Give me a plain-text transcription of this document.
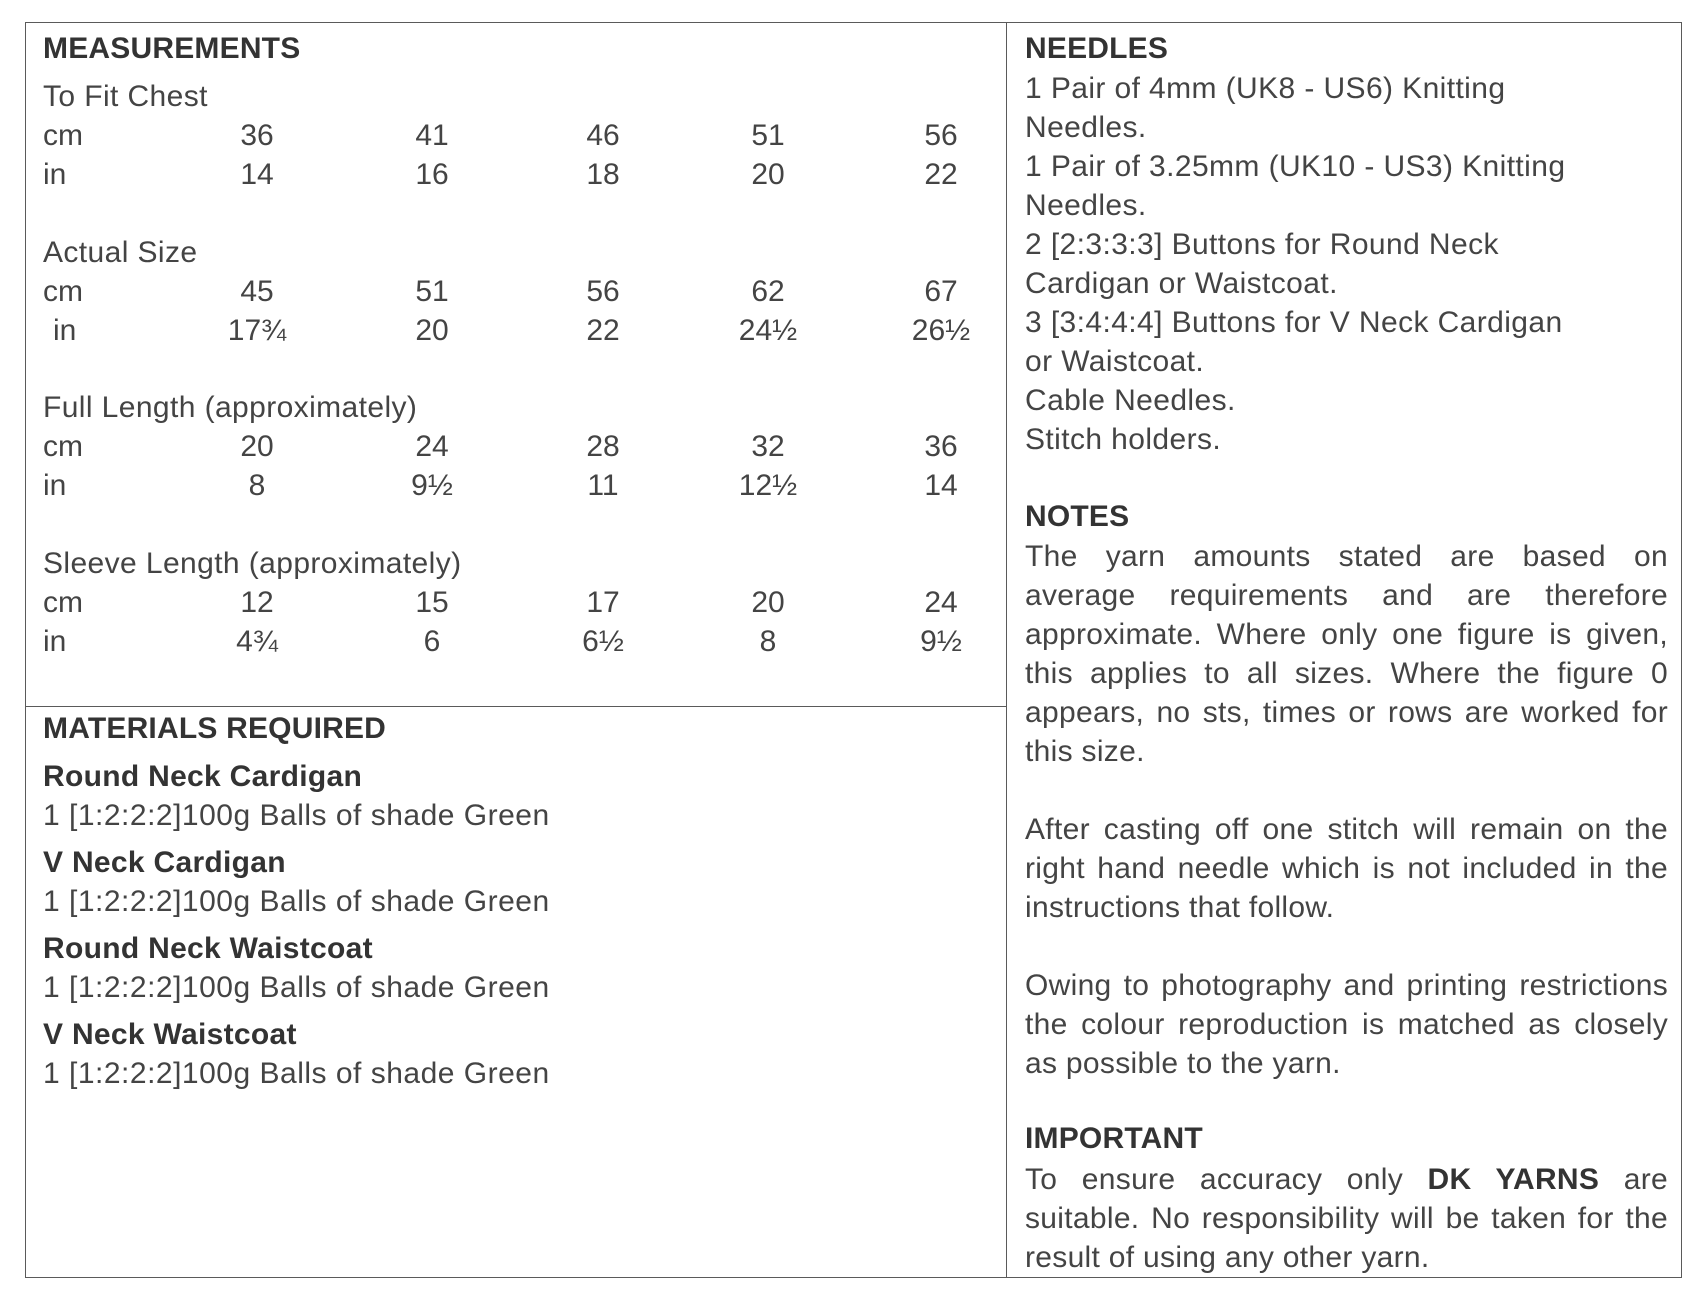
MEASUREMENTS
To Fit Chest
cm	36	41	46	51	56
in	14	16	18	20	22
Actual Size
cm	45	51	56	62	67
in	17¾	20	22	24½	26½
Full Length (approximately)
cm	20	24	28	32	36
in	8	9½	11	12½	14
Sleeve Length (approximately)
cm	12	15	17	20	24
in	4¾	6	6½	8	9½
MATERIALS REQUIRED
Round Neck Cardigan
1 [1:2:2:2]100g Balls of shade Green
V Neck Cardigan
1 [1:2:2:2]100g Balls of shade Green
Round Neck Waistcoat
1 [1:2:2:2]100g Balls of shade Green
V Neck Waistcoat
1 [1:2:2:2]100g Balls of shade Green
NEEDLES
1 Pair of 4mm (UK8 - US6) Knitting
Needles.
1 Pair of 3.25mm (UK10 - US3) Knitting
Needles.
2 [2:3:3:3] Buttons for Round Neck
Cardigan or Waistcoat.
3 [3:4:4:4] Buttons for V Neck Cardigan
or Waistcoat.
Cable Needles.
Stitch holders.
NOTES
The yarn amounts stated are based on average requirements and are therefore approximate. Where only one figure is given, this applies to all sizes. Where the figure 0 appears, no sts, times or rows are worked for this size.
After casting off one stitch will remain on the right hand needle which is not included in the instructions that follow.
Owing to photography and printing restrictions the colour reproduction is matched as closely as possible to the yarn.
IMPORTANT
To ensure accuracy only DK YARNS are suitable. No responsibility will be taken for the result of using any other yarn.
